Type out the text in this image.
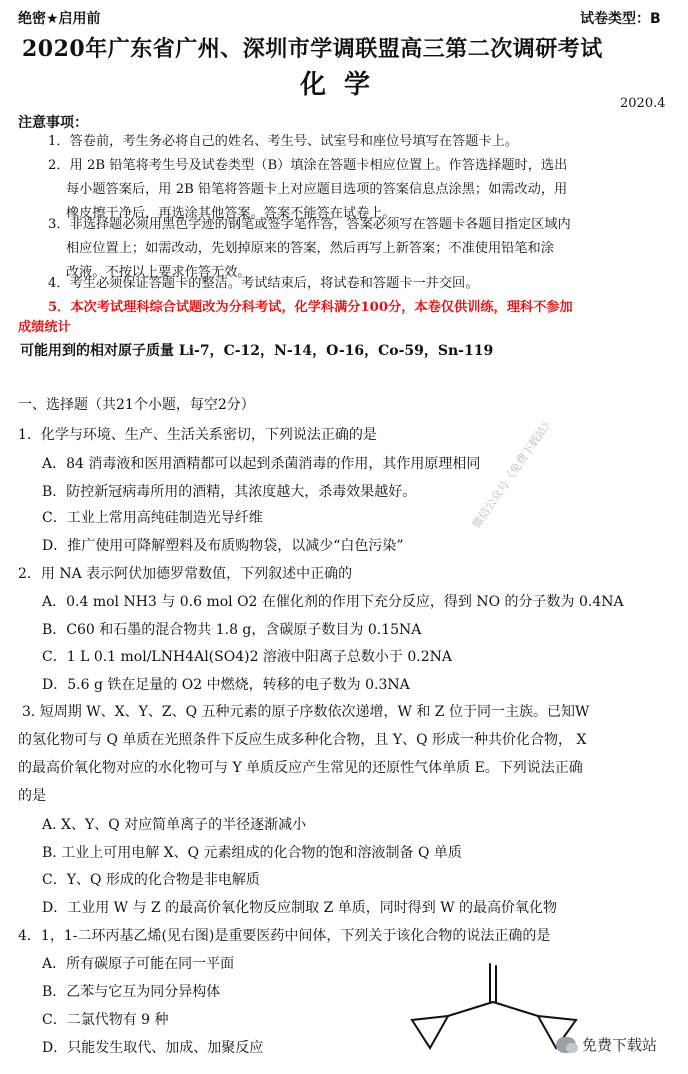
绝密★启用前	试卷类型：B
2020年广东省广州、深圳市学调联盟高三第二次调研考试
化学
2020.4
注意事项：
1．答卷前，考生务必将自己的姓名、考生号、试室号和座位号填写在答题卡上。
2．用 2B 铅笔将考生号及试卷类型（B）填涂在答题卡相应位置上。作答选择题时，选出
每小题答案后，用 2B 铅笔将答题卡上对应题目选项的答案信息点涂黑；如需改动，用
橡皮擦干净后，再选涂其他答案。答案不能答在试卷上。
3．非选择题必须用黑色字迹的钢笔或签字笔作答，答案必须写在答题卡各题目指定区域内
相应位置上；如需改动，先划掉原来的答案，然后再写上新答案；不准使用铅笔和涂
改液。不按以上要求作答无效。
4．考生必须保证答题卡的整洁。考试结束后，将试卷和答题卡一并交回。
5．本次考试理科综合试题改为分科考试，化学科满分100分，本卷仅供训练，理科不参加
成绩统计
可能用到的相对原子质量 Li-7，C-12，N-14，O-16，Co-59，Sn-119
一、选择题（共21个小题，每空2分）
1．化学与环境、生产、生活关系密切，下列说法正确的是
A．84 消毒液和医用酒精都可以起到杀菌消毒的作用，其作用原理相同
B．防控新冠病毒所用的酒精，其浓度越大，杀毒效果越好。
C．工业上常用高纯硅制造光导纤维
D．推广使用可降解塑料及布质购物袋，以减少“白色污染”
2．用 NA 表示阿伏加德罗常数值，下列叙述中正确的
A．0.4 mol NH3 与 0.6 mol O2 在催化剂的作用下充分反应，得到 NO 的分子数为 0.4NA
B．C60 和石墨的混合物共 1.8 g，含碳原子数目为 0.15NA
C．1 L 0.1 mol/LNH4Al(SO4)2 溶液中阳离子总数小于 0.2NA
D．5.6 g 铁在足量的 O2 中燃烧，转移的电子数为 0.3NA
3. 短周期 W、X、Y、Z、Q 五种元素的原子序数依次递增，W 和 Z 位于同一主族。已知W
的氢化物可与 Q 单质在光照条件下反应生成多种化合物，且 Y、Q 形成一种共价化合物， X
的最高价氧化物对应的水化物可与 Y 单质反应产生常见的还原性气体单质 E。下列说法正确
的是
A. X、Y、Q 对应简单离子的半径逐渐减小
B. 工业上可用电解 X、Q 元素组成的化合物的饱和溶液制备 Q 单质
C．Y、Q 形成的化合物是非电解质
D．工业用 W 与 Z 的最高价氧化物反应制取 Z 单质，同时得到 W 的最高价氧化物
4．1，1-二环丙基乙烯(见右图)是重要医药中间体，下列关于该化合物的说法正确的是
A．所有碳原子可能在同一平面
B．乙苯与它互为同分异构体
C．二氯代物有 9 种
D．只能发生取代、加成、加聚反应
微信公众号《免费下载站》
免费下载站
